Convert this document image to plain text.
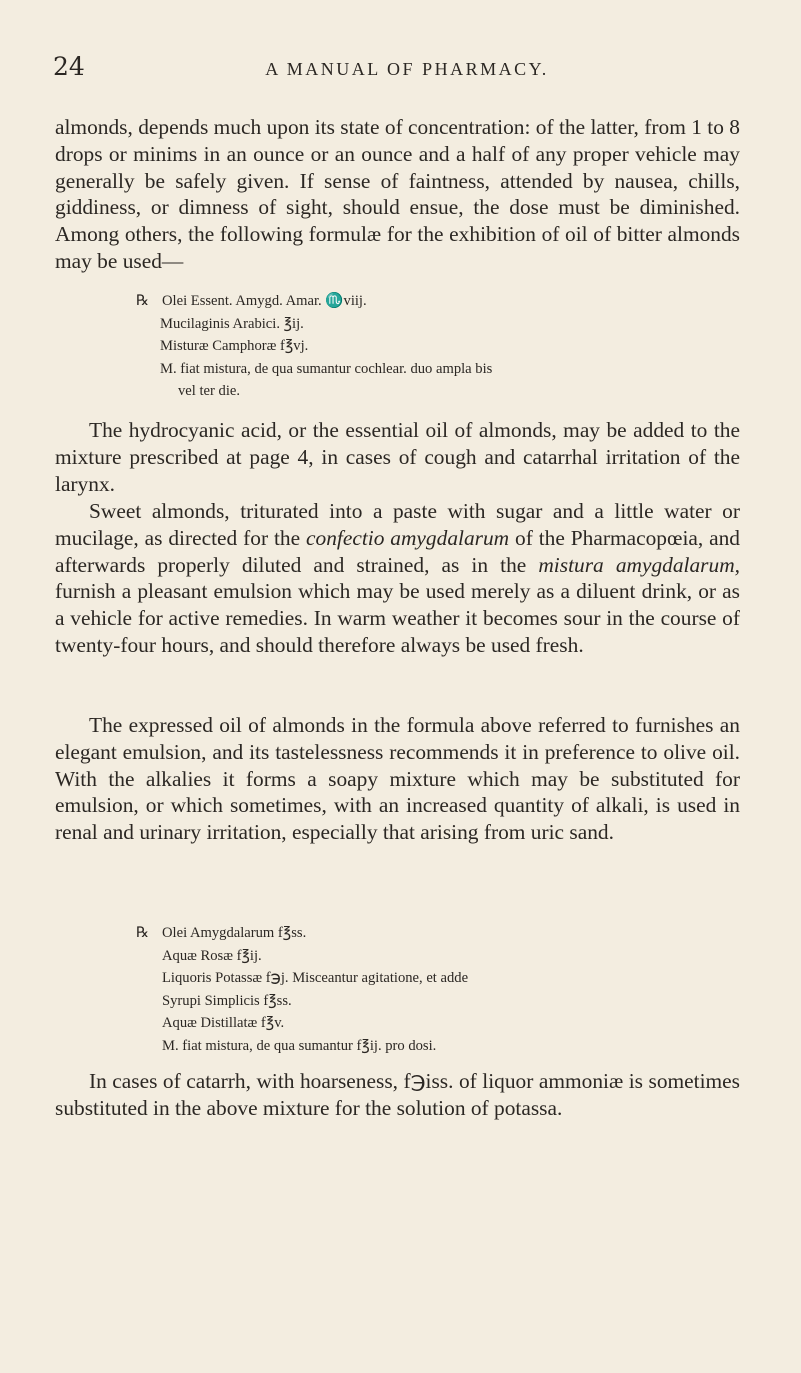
24	A MANUAL OF PHARMACY.

almonds, depends much upon its state of concentration: of the latter, from 1 to 8 drops or minims in an ounce or an ounce and a half of any proper vehicle may generally be safely given. If sense of faintness, attended by nausea, chills, giddiness, or dimness of sight, should ensue, the dose must be diminished. Among others, the following formulæ for the exhibition of oil of bitter almonds may be used—

℞ Olei Essent. Amygd. Amar. ♏viij.
Mucilaginis Arabici. ℥ij.
Misturæ Camphoræ f℥vj.
M. fiat mistura, de qua sumantur cochlear. duo ampla bis
vel ter die.

The hydrocyanic acid, or the essential oil of almonds, may be added to the mixture prescribed at page 4, in cases of cough and catarrhal irritation of the larynx.

Sweet almonds, triturated into a paste with sugar and a little water or mucilage, as directed for the confectio amygdalarum of the Pharmacopœia, and afterwards properly diluted and strained, as in the mistura amygdalarum, furnish a pleasant emulsion which may be used merely as a diluent drink, or as a vehicle for active remedies. In warm weather it becomes sour in the course of twenty-four hours, and should therefore always be used fresh.

The expressed oil of almonds in the formula above referred to furnishes an elegant emulsion, and its tastelessness recommends it in preference to olive oil. With the alkalies it forms a soapy mixture which may be substituted for emulsion, or which sometimes, with an increased quantity of alkali, is used in renal and urinary irritation, especially that arising from uric sand.

℞ Olei Amygdalarum f℥ss.
Aquæ Rosæ f℥ij.
Liquoris Potassæ f℈j. Misceantur agitatione, et adde
Syrupi Simplicis f℥ss.
Aquæ Distillatæ f℥v.
M. fiat mistura, de qua sumantur f℥ij. pro dosi.

In cases of catarrh, with hoarseness, f℈iss. of liquor ammoniæ is sometimes substituted in the above mixture for the solution of potassa.
